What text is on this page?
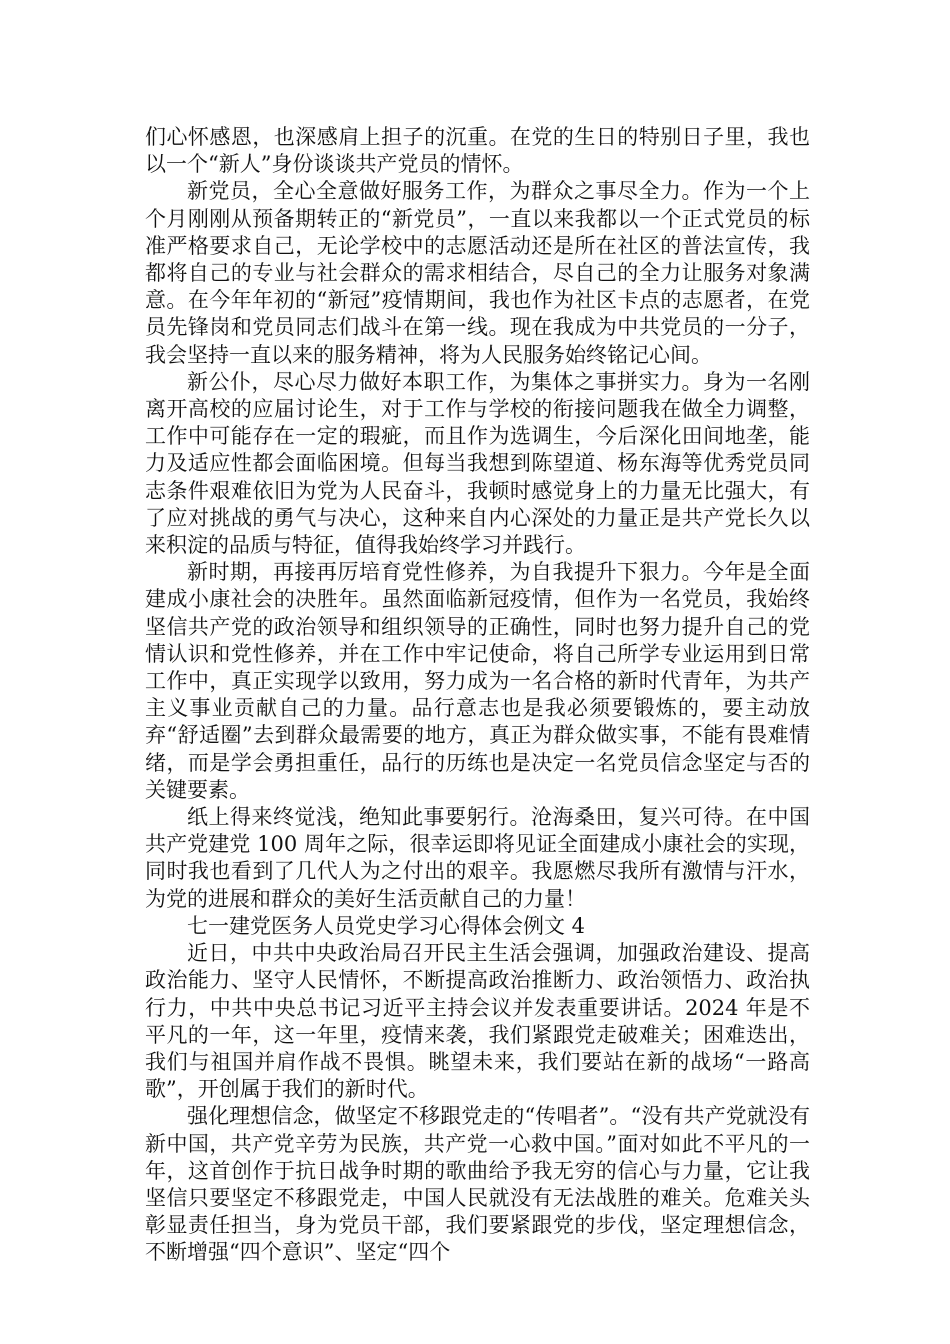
们心怀感恩，也深感肩上担子的沉重。在党的生日的特别日子里，我也以一个“新人”身份谈谈共产党员的情怀。

新党员，全心全意做好服务工作，为群众之事尽全力。作为一个上个月刚刚从预备期转正的“新党员”，一直以来我都以一个正式党员的标准严格要求自己，无论学校中的志愿活动还是所在社区的普法宣传，我都将自己的专业与社会群众的需求相结合，尽自己的全力让服务对象满意。在今年年初的“新冠”疫情期间，我也作为社区卡点的志愿者，在党员先锋岗和党员同志们战斗在第一线。现在我成为中共党员的一分子，我会坚持一直以来的服务精神，将为人民服务始终铭记心间。

新公仆，尽心尽力做好本职工作，为集体之事拼实力。身为一名刚离开高校的应届讨论生，对于工作与学校的衔接问题我在做全力调整，工作中可能存在一定的瑕疵，而且作为选调生，今后深化田间地垄，能力及适应性都会面临困境。但每当我想到陈望道、杨东海等优秀党员同志条件艰难依旧为党为人民奋斗，我顿时感觉身上的力量无比强大，有了应对挑战的勇气与决心，这种来自内心深处的力量正是共产党长久以来积淀的品质与特征，值得我始终学习并践行。

新时期，再接再厉培育党性修养，为自我提升下狠力。今年是全面建成小康社会的决胜年。虽然面临新冠疫情，但作为一名党员，我始终坚信共产党的政治领导和组织领导的正确性，同时也努力提升自己的党情认识和党性修养，并在工作中牢记使命，将自己所学专业运用到日常工作中，真正实现学以致用，努力成为一名合格的新时代青年，为共产主义事业贡献自己的力量。品行意志也是我必须要锻炼的，要主动放弃“舒适圈”去到群众最需要的地方，真正为群众做实事，不能有畏难情绪，而是学会勇担重任，品行的历练也是决定一名党员信念坚定与否的关键要素。

纸上得来终觉浅，绝知此事要躬行。沧海桑田，复兴可待。在中国共产党建党 100 周年之际，很幸运即将见证全面建成小康社会的实现，同时我也看到了几代人为之付出的艰辛。我愿燃尽我所有激情与汗水，为党的进展和群众的美好生活贡献自己的力量！

七一建党医务人员党史学习心得体会例文 4

近日，中共中央政治局召开民主生活会强调，加强政治建设、提高政治能力、坚守人民情怀，不断提高政治推断力、政治领悟力、政治执行力，中共中央总书记习近平主持会议并发表重要讲话。2024 年是不平凡的一年，这一年里，疫情来袭，我们紧跟党走破难关；困难迭出，我们与祖国并肩作战不畏惧。眺望未来，我们要站在新的战场“一路高歌”，开创属于我们的新时代。

强化理想信念，做坚定不移跟党走的“传唱者”。“没有共产党就没有新中国，共产党辛劳为民族，共产党一心救中国。”面对如此不平凡的一年，这首创作于抗日战争时期的歌曲给予我无穷的信心与力量，它让我坚信只要坚定不移跟党走，中国人民就没有无法战胜的难关。危难关头彰显责任担当，身为党员干部，我们要紧跟党的步伐，坚定理想信念，不断增强“四个意识”、坚定“四个
